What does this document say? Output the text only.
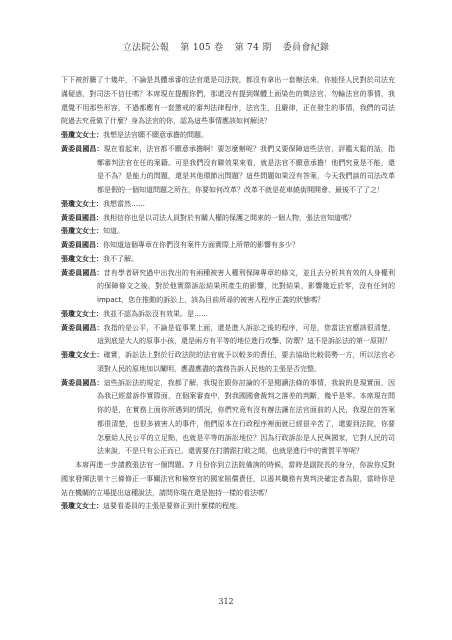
立法院公報 第 105 卷 第 74 期 委員會紀錄

下下被折騰了十幾年，不論是具體承審的法官還是司法院，都沒有拿出一套辦法來，你能怪人民對於司法充滿疑惑，對司法不信任嗎？本席現在提醒你們，那還沒有提到媒體上面染色的徵法官、勿輪法官的事情，我還覺不用那些形容，不過都應有一套懲戒的審判法律程序，法官生，且嚴律，正在發生的事情，我們的司法院過去究竟做了什麼？身為法官的你，認為這些事情應該如何解決？

張瓊文女士：我想是法官願不願意承擔的問題。

黃委員國昌：現在看起來，法官都不願意承擔啊！要怎麼辦呢？我們又要保障這些法官，評鑑太鬆的話，指鄭審判法官在任的案籍。可是我們沒有聯效果來看，就是法官不願意承擔！他們究竟是不能，還是不為？是能力的問題，還是其他環節出問題？這些問題如果沒有答案，今天我們談的司法改革都是假的一個知道問題之所在，你要如何改革？改革不就是花車繞街開開會、最後不了了之！

張瓊文女士：我想當然……

黃委員國昌：我相信你也是以司法人員對於有關人權的保護之間來的一個人物，張法官知道嗎？

張瓊文女士：知道。

黃委員國昌：你知道這個專章在你們沒有案件方面實際上所帶的影響有多少？

張瓊文女士：我不了解。

黃委員國昌：昔有學者研究過中出我出的有兩種被害人權利保障專章的條文，並且去分析其有效的人身權利的保障條文之後，對於他實際訴訟結果所產生的影響，比對結果，影響幾近於零，沒有任何的 impact，您在推動的訴訟上，該為目前所尋的被害人程序正義的狀態嗎？

張瓊文女士：我並不認為訴訟沒有效果。是……

黃委員國昌：我指的是公平，不論是從事業上面，還是進入訴訟之後的程序，可是，您當法官應該很清楚，這到底是大人的原事小孩，還是兩方有平等的地位進行攻擊、防禦？這不是訴訟法的第一原則？

張瓊文女士：確實，訴訟法上對於行政法院的法官就予以較多的責任，要去協助比較弱勢一方，所以法官必須對人民的原地加以闡明，應盡應盡的義務告訴人民他的主張是否完整。

黃委員國昌：這些訴訟法的規定，我都了解，我現在跟你討論的不是閱讀法條的事情，我說的是現實面，因為我已經當訴作實際面，在個案審查中，對我國國會裁判之落差的判斷，幾乎是零。本席現在問你的是，在實務上面你所遇到的情況，你們究竟有沒有辦法讓在法官面前的人民，我現在的答案都很清楚，也很多被害人的事件，他們原本在行政程序裡面就已經很辛苦了，還要到法院，你要怎麼給人民公平的立足點，也就是平等的訴訟地位？因為行政訴訟是人民與國家，它對人民的司法來說，不是只有公正而已，還需要在打勝跟打敗之間，也就是進行中的實質平等呢？

本席再進一步請教張法官一個問題。7 月份你到立法院備詢的時候，當時是副院長的身分，你說你反對國家發揮法第十三條修正一事關法官和檢察官的國家賠償責任，以遏其職務有異判決確定者為限，當時你是站在機關的立場提出這種說法，請問你現在還是抱持一樣的看法嗎？

張瓊文女士：這要看委員的主張是要修正到什麼樣的程度。

312
